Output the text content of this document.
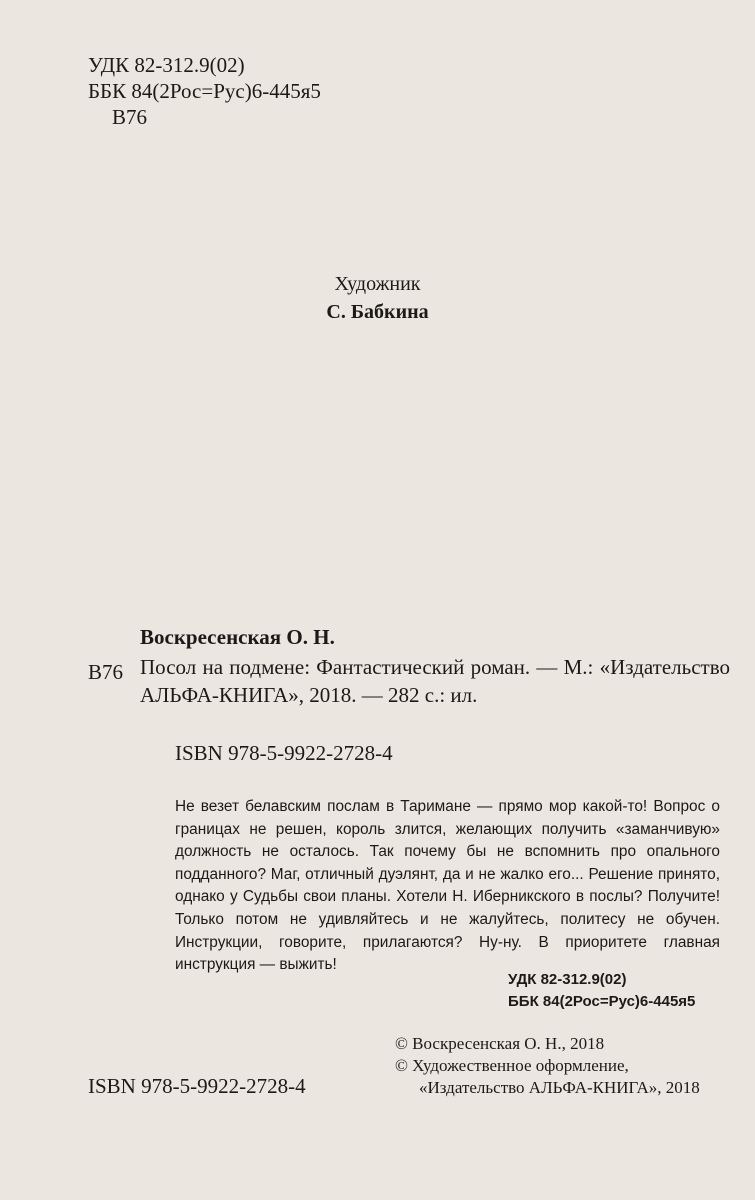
УДК 82-312.9(02)
ББК 84(2Рос=Рус)6-445я5
В76
Художник
С. Бабкина
Воскресенская О. Н.
В76 Посол на подмене: Фантастический роман. — М.: «Издательство АЛЬФА-КНИГА», 2018. — 282 с.: ил.
ISBN 978-5-9922-2728-4
Не везет белавским послам в Таримане — прямо мор какой-то! Вопрос о границах не решен, король злится, желающих получить «заманчивую» должность не осталось. Так почему бы не вспомнить про опального подданного? Маг, отличный дуэлянт, да и не жалко его... Решение принято, однако у Судьбы свои планы. Хотели Н. Иберникского в послы? Получите! Только потом не удивляйтесь и не жалуйтесь, политесу не обучен. Инструкции, говорите, прилагаются? Ну-ну. В приоритете главная инструкция — выжить!
УДК 82-312.9(02)
ББК 84(2Рос=Рус)6-445я5
© Воскресенская О. Н., 2018
© Художественное оформление,
«Издательство АЛЬФА-КНИГА», 2018
ISBN 978-5-9922-2728-4
